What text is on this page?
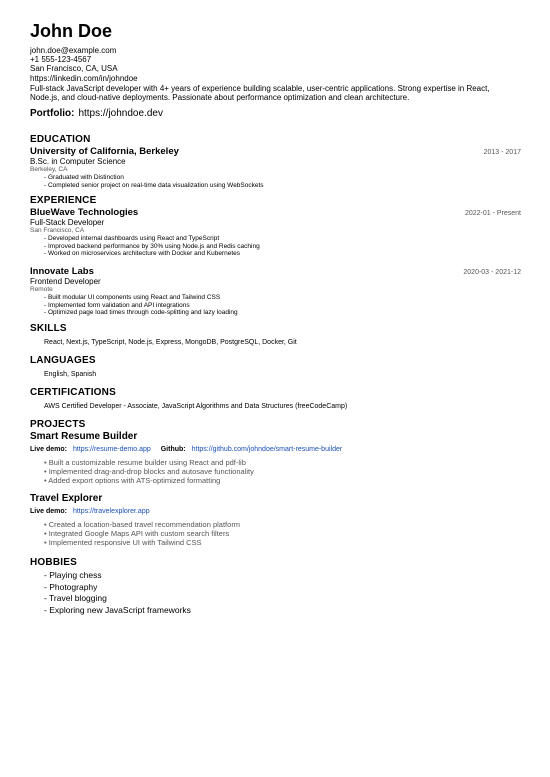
John Doe
john.doe@example.com
+1 555-123-4567
San Francisco, CA, USA
https://linkedin.com/in/johndoe
Full-stack JavaScript developer with 4+ years of experience building scalable, user-centric applications. Strong expertise in React, Node.js, and cloud-native deployments. Passionate about performance optimization and clean architecture.
Portfolio: https://johndoe.dev
EDUCATION
University of California, Berkeley	2013 - 2017
B.Sc. in Computer Science
Berkeley, CA
- Graduated with Distinction
- Completed senior project on real-time data visualization using WebSockets
EXPERIENCE
BlueWave Technologies	2022-01 - Present
Full-Stack Developer
San Francisco, CA
- Developed internal dashboards using React and TypeScript
- Improved backend performance by 30% using Node.js and Redis caching
- Worked on microservices architecture with Docker and Kubernetes
Innovate Labs	2020-03 - 2021-12
Frontend Developer
Remote
- Built modular UI components using React and Tailwind CSS
- Implemented form validation and API integrations
- Optimized page load times through code-splitting and lazy loading
SKILLS
React, Next.js, TypeScript, Node.js, Express, MongoDB, PostgreSQL, Docker, Git
LANGUAGES
English, Spanish
CERTIFICATIONS
AWS Certified Developer - Associate, JavaScript Algorithms and Data Structures (freeCodeCamp)
PROJECTS
Smart Resume Builder
Live demo: https://resume-demo.app Github: https://github.com/johndoe/smart-resume-builder
• Built a customizable resume builder using React and pdf-lib
• Implemented drag-and-drop blocks and autosave functionality
• Added export options with ATS-optimized formatting
Travel Explorer
Live demo: https://travelexplorer.app
• Created a location-based travel recommendation platform
• Integrated Google Maps API with custom search filters
• Implemented responsive UI with Tailwind CSS
HOBBIES
- Playing chess
- Photography
- Travel blogging
- Exploring new JavaScript frameworks
